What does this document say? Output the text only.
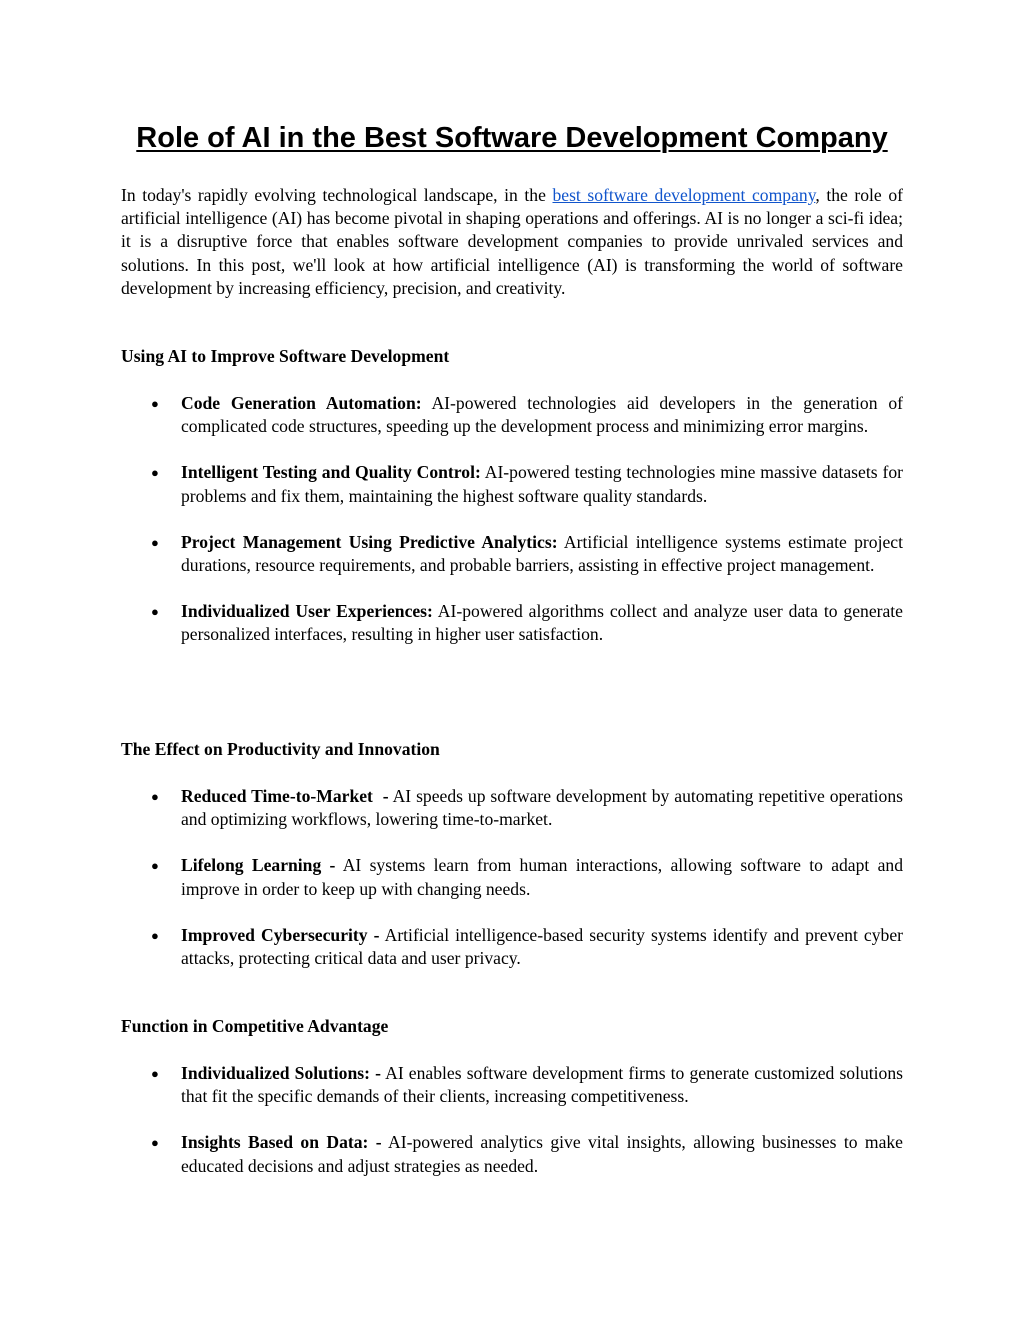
Role of AI in the Best Software Development Company

In today's rapidly evolving technological landscape, in the best software development company, the role of artificial intelligence (AI) has become pivotal in shaping operations and offerings. AI is no longer a sci-fi idea; it is a disruptive force that enables software development companies to provide unrivaled services and solutions. In this post, we'll look at how artificial intelligence (AI) is transforming the world of software development by increasing efficiency, precision, and creativity.

Using AI to Improve Software Development
● Code Generation Automation: AI-powered technologies aid developers in the generation of complicated code structures, speeding up the development process and minimizing error margins.
● Intelligent Testing and Quality Control: AI-powered testing technologies mine massive datasets for problems and fix them, maintaining the highest software quality standards.
● Project Management Using Predictive Analytics: Artificial intelligence systems estimate project durations, resource requirements, and probable barriers, assisting in effective project management.
● Individualized User Experiences: AI-powered algorithms collect and analyze user data to generate personalized interfaces, resulting in higher user satisfaction.
The Effect on Productivity and Innovation
● Reduced Time-to-Market  - AI speeds up software development by automating repetitive operations and optimizing workflows, lowering time-to-market.
● Lifelong Learning - AI systems learn from human interactions, allowing software to adapt and improve in order to keep up with changing needs.
● Improved Cybersecurity - Artificial intelligence-based security systems identify and prevent cyber attacks, protecting critical data and user privacy.
Function in Competitive Advantage
● Individualized Solutions: - AI enables software development firms to generate customized solutions that fit the specific demands of their clients, increasing competitiveness.
● Insights Based on Data: - AI-powered analytics give vital insights, allowing businesses to make educated decisions and adjust strategies as needed.
